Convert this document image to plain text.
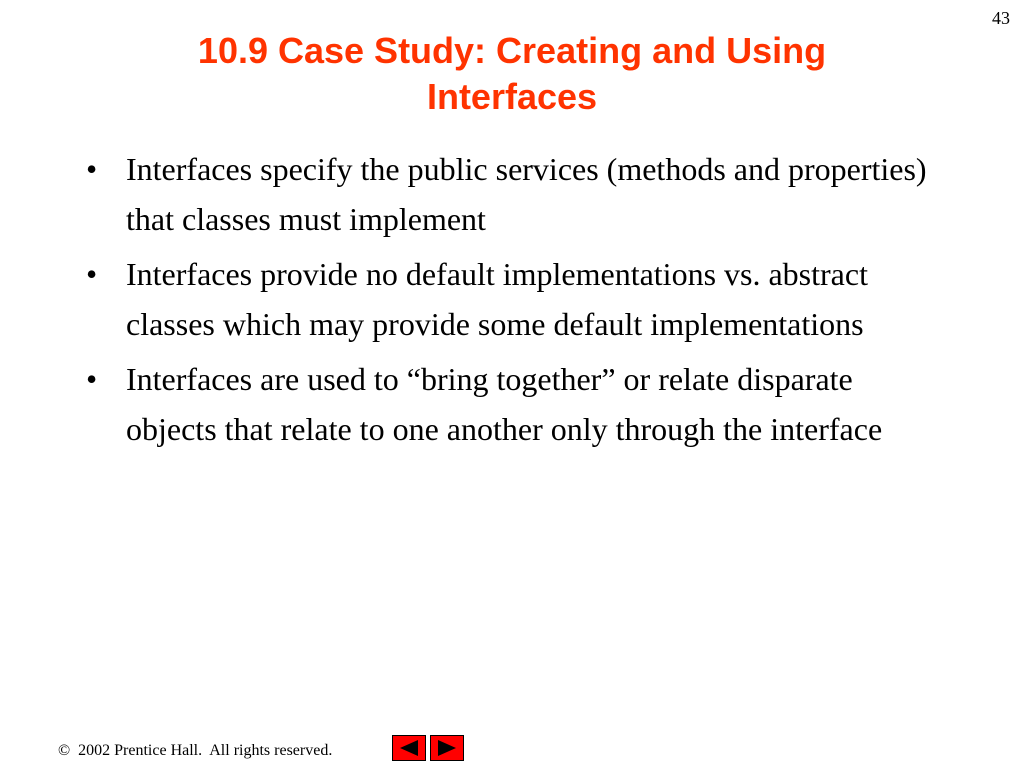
43
10.9 Case Study: Creating and Using
Interfaces
• Interfaces specify the public services (methods and properties) that classes must implement
• Interfaces provide no default implementations vs. abstract classes which may provide some default implementations
• Interfaces are used to “bring together” or relate disparate objects that relate to one another only through the interface
©  2002 Prentice Hall.  All rights reserved.
